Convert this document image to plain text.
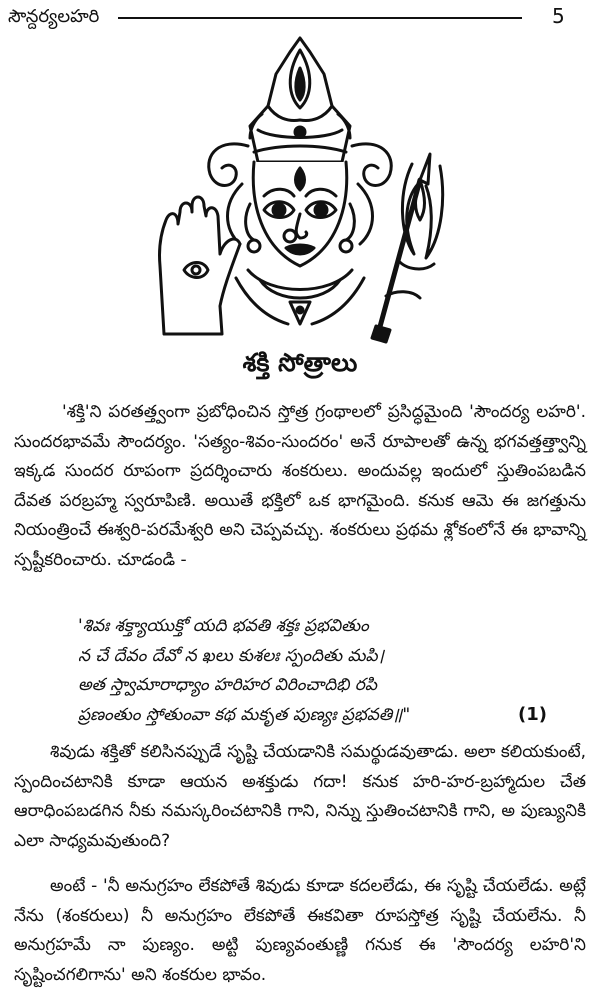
సౌన్దర్యలహరి	5
శక్తి సోత్రాలు

'శక్తి'ని పరతత్త్వంగా ప్రబోధించిన స్తోత్ర గ్రంథాలలో ప్రసిద్ధమైంది 'సౌందర్య లహరి'. సుందరభావమే సౌందర్యం. 'సత్యం-శివం-సుందరం' అనే రూపాలతో ఉన్న భగవత్తత్త్వాన్ని ఇక్కడ సుందర రూపంగా ప్రదర్శించారు శంకరులు. అందువల్ల ఇందులో స్తుతింపబడిన దేవత పరబ్రహ్మ స్వరూపిణి. అయితే భక్తిలో ఒక భాగమైంది. కనుక ఆమె ఈ జగత్తును నియంత్రించే ఈశ్వరి-పరమేశ్వరి అని చెప్పవచ్చు. శంకరులు ప్రథమ శ్లోకంలోనే ఈ భావాన్ని స్పష్టీకరించారు. చూడండి -

'శివః శక్త్యాయుక్తో యది భవతి శక్తః ప్రభవితుం
న చే దేవం దేవో న ఖలు కుశలః స్పందితు మపి।
అత స్త్వామారాధ్యాం హరిహర విరించాదిభి రపి
ప్రణంతుం స్తోతుంవా కథ మకృత పుణ్యః ప్రభవతి॥"	(1)

శివుడు శక్తితో కలిసినప్పుడే సృష్టి చేయడానికి సమర్థుడవుతాడు. అలా కలియకుంటే, స్పందించటానికి కూడా ఆయన అశక్తుడు గదా! కనుక హరి-హర-బ్రహ్మాదుల చేత ఆరాధింపబడగిన నీకు నమస్కరించటానికి గాని, నిన్ను స్తుతించటానికి గాని, అ పుణ్యునికి ఎలా సాధ్యమవుతుంది?

అంటే - 'నీ అనుగ్రహం లేకపోతే శివుడు కూడా కదలలేడు, ఈ సృష్టి చేయలేడు. అట్లే నేను (శంకరులు) నీ అనుగ్రహం లేకపోతే ఈకవితా రూపస్తోత్ర సృష్టి చేయలేను. నీ అనుగ్రహమే నా పుణ్యం. అట్టి పుణ్యవంతుణ్ణి గనుక ఈ 'సౌందర్య లహరి'ని సృష్టించగలిగాను' అని శంకరుల భావం.
